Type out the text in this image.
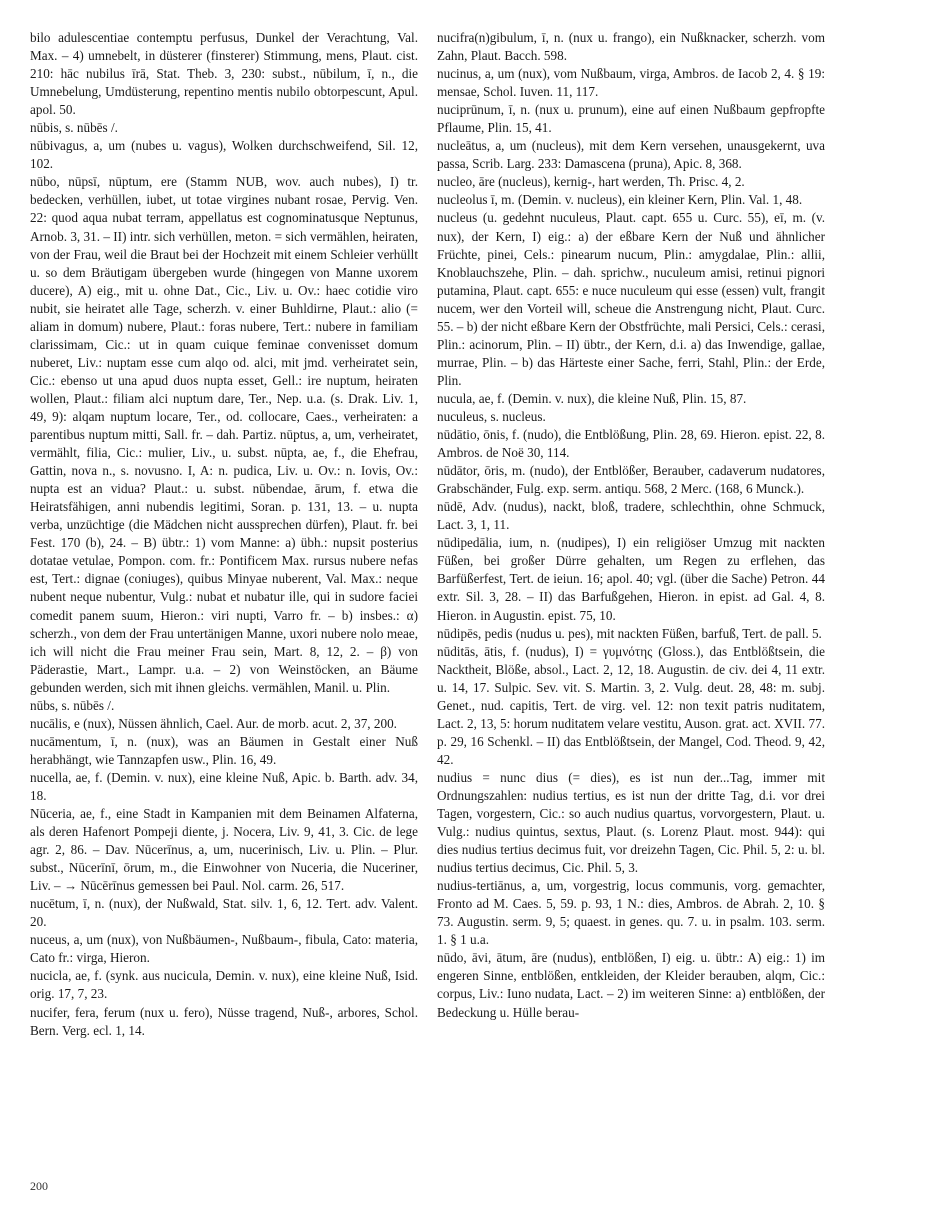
bilo adulescentiae contemptu perfusus, Dunkel der Verachtung, Val. Max. – 4) umnebelt, in düsterer (finsterer) Stimmung, mens, Plaut. cist. 210: hāc nubilus īrā, Stat. Theb. 3, 230: subst., nūbilum, ī, n., die Umnebelung, Umdüsterung, repentino mentis nubilo obtorpescunt, Apul. apol. 50.

nūbis, s. nūbēs /.

nūbivagus, a, um (nubes u. vagus), Wolken durchschweifend, Sil. 12, 102.

nūbo, nūpsī, nūptum, ere (Stamm NUB, wov. auch nubes), I) tr. bedecken, verhüllen, iubet, ut totae virgines nubant rosae, Pervig. Ven. 22: quod aqua nubat terram, appellatus est cognominatusque Neptunus, Arnob. 3, 31. – II) intr. sich verhüllen, meton. = sich vermählen, heiraten, von der Frau, weil die Braut bei der Hochzeit mit einem Schleier verhüllt u. so dem Bräutigam übergeben wurde (hingegen von Manne uxorem ducere), A) eig., mit u. ohne Dat., Cic., Liv. u. Ov.: haec cotidie viro nubit, sie heiratet alle Tage, scherzh. v. einer Buhldirne, Plaut.: alio (= aliam in domum) nubere, Plaut.: foras nubere, Tert.: nubere in familiam clarissimam, Cic.: ut in quam cuique feminae convenisset domum nuberet, Liv.: nuptam esse cum alqo od. alci, mit jmd. verheiratet sein, Cic.: ebenso ut una apud duos nupta esset, Gell.: ire nuptum, heiraten wollen, Plaut.: filiam alci nuptum dare, Ter., Nep. u.a. (s. Drak. Liv. 1, 49, 9): alqam nuptum locare, Ter., od. collocare, Caes., verheiraten: a parentibus nuptum mitti, Sall. fr. – dah. Partiz. nūptus, a, um, verheiratet, vermählt, filia, Cic.: mulier, Liv., u. subst. nūpta, ae, f., die Ehefrau, Gattin, nova n., s. novusno. I, A: n. pudica, Liv. u. Ov.: n. Iovis, Ov.: nupta est an vidua? Plaut.: u. subst. nūbendae, ārum, f. etwa die Heiratsfähigen, anni nubendis legitimi, Soran. p. 131, 13. – u. nupta verba, unzüchtige (die Mädchen nicht aussprechen dürfen), Plaut. fr. bei Fest. 170 (b), 24. – B) übtr.: 1) vom Manne: a) übh.: nupsit posterius dotatae vetulae, Pompon. com. fr.: Pontificem Max. rursus nubere nefas est, Tert.: dignae (coniuges), quibus Minyae nuberent, Val. Max.: neque nubent neque nubentur, Vulg.: nubat et nubatur ille, qui in sudore faciei comedit panem suum, Hieron.: viri nupti, Varro fr. – b) insbes.: α) scherzh., von dem der Frau untertänigen Manne, uxori nubere nolo meae, ich will nicht die Frau meiner Frau sein, Mart. 8, 12, 2. – β) von Päderastie, Mart., Lampr. u.a. – 2) von Weinstöcken, an Bäume gebunden werden, sich mit ihnen gleichs. vermählen, Manil. u. Plin.

nūbs, s. nūbēs /.

nucālis, e (nux), Nüssen ähnlich, Cael. Aur. de morb. acut. 2, 37, 200.

nucāmentum, ī, n. (nux), was an Bäumen in Gestalt einer Nuß herabhängt, wie Tannzapfen usw., Plin. 16, 49.

nucella, ae, f. (Demin. v. nux), eine kleine Nuß, Apic. b. Barth. adv. 34, 18.

Nūceria, ae, f., eine Stadt in Kampanien mit dem Beinamen Alfaterna, als deren Hafenort Pompeji diente, j. Nocera, Liv. 9, 41, 3. Cic. de lege agr. 2, 86. – Dav. Nūcerīnus, a, um, nucerinisch, Liv. u. Plin. – Plur. subst., Nūcerīnī, ōrum, m., die Einwohner von Nuceria, die Nuceriner, Liv. – → Nūcērīnus gemessen bei Paul. Nol. carm. 26, 517.

nucētum, ī, n. (nux), der Nußwald, Stat. silv. 1, 6, 12. Tert. adv. Valent. 20.

nuceus, a, um (nux), von Nußbäumen-, Nußbaum-, fibula, Cato: materia, Cato fr.: virga, Hieron.

nucicla, ae, f. (synk. aus nucicula, Demin. v. nux), eine kleine Nuß, Isid. orig. 17, 7, 23.

nucifer, fera, ferum (nux u. fero), Nüsse tragend, Nuß-, arbores, Schol. Bern. Verg. ecl. 1, 14.

nucifra(n)gibulum, ī, n. (nux u. frango), ein Nußknacker, scherzh. vom Zahn, Plaut. Bacch. 598.

nucinus, a, um (nux), vom Nußbaum, virga, Ambros. de Iacob 2, 4. § 19: mensae, Schol. Iuven. 11, 117.

nuciprūnum, ī, n. (nux u. prunum), eine auf einen Nußbaum gepfropfte Pflaume, Plin. 15, 41.

nucleātus, a, um (nucleus), mit dem Kern versehen, unausgekernt, uva passa, Scrib. Larg. 233: Damascena (pruna), Apic. 8, 368.

nucleo, āre (nucleus), kernig-, hart werden, Th. Prisc. 4, 2.

nucleolus ī, m. (Demin. v. nucleus), ein kleiner Kern, Plin. Val. 1, 48.

nucleus (u. gedehnt nuculeus, Plaut. capt. 655 u. Curc. 55), eī, m. (v. nux), der Kern, I) eig.: a) der eßbare Kern der Nuß und ähnlicher Früchte, pinei, Cels.: pinearum nucum, Plin.: amygdalae, Plin.: allii, Knoblauchszehe, Plin. – dah. sprichw., nuculeum amisi, retinui pignori putamina, Plaut. capt. 655: e nuce nuculeum qui esse (essen) vult, frangit nucem, wer den Vorteil will, scheue die Anstrengung nicht, Plaut. Curc. 55. – b) der nicht eßbare Kern der Obstfrüchte, mali Persici, Cels.: cerasi, Plin.: acinorum, Plin. – II) übtr., der Kern, d.i. a) das Inwendige, gallae, murrae, Plin. – b) das Härteste einer Sache, ferri, Stahl, Plin.: der Erde, Plin.

nucula, ae, f. (Demin. v. nux), die kleine Nuß, Plin. 15, 87.

nuculeus, s. nucleus.

nūdātio, ōnis, f. (nudo), die Entblößung, Plin. 28, 69. Hieron. epist. 22, 8. Ambros. de Noë 30, 114.

nūdātor, ōris, m. (nudo), der Entblößer, Berauber, cadaverum nudatores, Grabschänder, Fulg. exp. serm. antiqu. 568, 2 Merc. (168, 6 Munck.).

nūdē, Adv. (nudus), nackt, bloß, tradere, schlechthin, ohne Schmuck, Lact. 3, 1, 11.

nūdipedālia, ium, n. (nudipes), I) ein religiöser Umzug mit nackten Füßen, bei großer Dürre gehalten, um Regen zu erflehen, das Barfüßerfest, Tert. de ieiun. 16; apol. 40; vgl. (über die Sache) Petron. 44 extr. Sil. 3, 28. – II) das Barfußgehen, Hieron. in epist. ad Gal. 4, 8. Hieron. in Augustin. epist. 75, 10.

nūdipēs, pedis (nudus u. pes), mit nackten Füßen, barfuß, Tert. de pall. 5.

nūditās, ātis, f. (nudus), I) = γυμνότης (Gloss.), das Entblößtsein, die Nacktheit, Blöße, absol., Lact. 2, 12, 18. Augustin. de civ. dei 4, 11 extr. u. 14, 17. Sulpic. Sev. vit. S. Martin. 3, 2. Vulg. deut. 28, 48: m. subj. Genet., nud. capitis, Tert. de virg. vel. 12: non texit patris nuditatem, Lact. 2, 13, 5: horum nuditatem velare vestitu, Auson. grat. act. XVII. 77. p. 29, 16 Schenkl. – II) das Entblößtsein, der Mangel, Cod. Theod. 9, 42, 42.

nudius = nunc dius (= dies), es ist nun der...Tag, immer mit Ordnungszahlen: nudius tertius, es ist nun der dritte Tag, d.i. vor drei Tagen, vorgestern, Cic.: so auch nudius quartus, vorvorgestern, Plaut. u. Vulg.: nudius quintus, sextus, Plaut. (s. Lorenz Plaut. most. 944): qui dies nudius tertius decimus fuit, vor dreizehn Tagen, Cic. Phil. 5, 2: u. bl. nudius tertius decimus, Cic. Phil. 5, 3.

nudius-tertiānus, a, um, vorgestrig, locus communis, vorg. gemachter, Fronto ad M. Caes. 5, 59. p. 93, 1 N.: dies, Ambros. de Abrah. 2, 10. § 73. Augustin. serm. 9, 5; quaest. in genes. qu. 7. u. in psalm. 103. serm. 1. § 1 u.a.

nūdo, āvi, ātum, āre (nudus), entblößen, I) eig. u. übtr.: A) eig.: 1) im engeren Sinne, entblößen, entkleiden, der Kleider berauben, alqm, Cic.: corpus, Liv.: Iuno nudata, Lact. – 2) im weiteren Sinne: a) entblößen, der Bedeckung u. Hülle berau-

200
